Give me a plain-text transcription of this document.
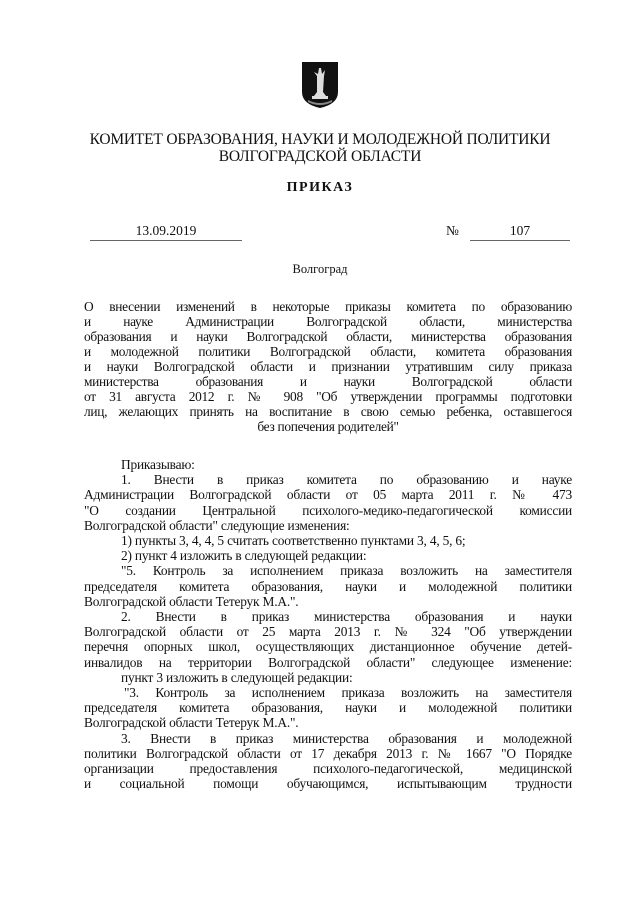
КОМИТЕТ ОБРАЗОВАНИЯ, НАУКИ И МОЛОДЕЖНОЙ ПОЛИТИКИ
ВОЛГОГРАДСКОЙ ОБЛАСТИ
ПРИКАЗ
13.09.2019	№	107
Волгоград
О внесении изменений в некоторые приказы комитета по образованию
и науке Администрации Волгоградской области, министерства
образования и науки Волгоградской области, министерства образования
и молодежной политики Волгоградской области, комитета образования
и науки Волгоградской области и признании утратившим силу приказа
министерства образования и науки Волгоградской области
от 31 августа 2012 г. № 908 "Об утверждении программы подготовки
лиц, желающих принять на воспитание в свою семью ребенка, оставшегося
без попечения родителей"
Приказываю:
1. Внести в приказ комитета по образованию и науке
Администрации Волгоградской области от 05 марта 2011 г. № 473
"О создании Центральной психолого-медико-педагогической комиссии
Волгоградской области" следующие изменения:
1) пункты 3, 4, 4, 5 считать соответственно пунктами 3, 4, 5, 6;
2) пункт 4 изложить в следующей редакции:
"5. Контроль за исполнением приказа возложить на заместителя
председателя комитета образования, науки и молодежной политики
Волгоградской области Тетерук М.А.".
2. Внести в приказ министерства образования и науки
Волгоградской области от 25 марта 2013 г. № 324 "Об утверждении
перечня опорных школ, осуществляющих дистанционное обучение детей-
инвалидов на территории Волгоградской области" следующее изменение:
пункт 3 изложить в следующей редакции:
"3. Контроль за исполнением приказа возложить на заместителя
председателя комитета образования, науки и молодежной политики
Волгоградской области Тетерук М.А.".
3. Внести в приказ министерства образования и молодежной
политики Волгоградской области от 17 декабря 2013 г. № 1667 "О Порядке
организации предоставления психолого-педагогической, медицинской
и социальной помощи обучающимся, испытывающим трудности
